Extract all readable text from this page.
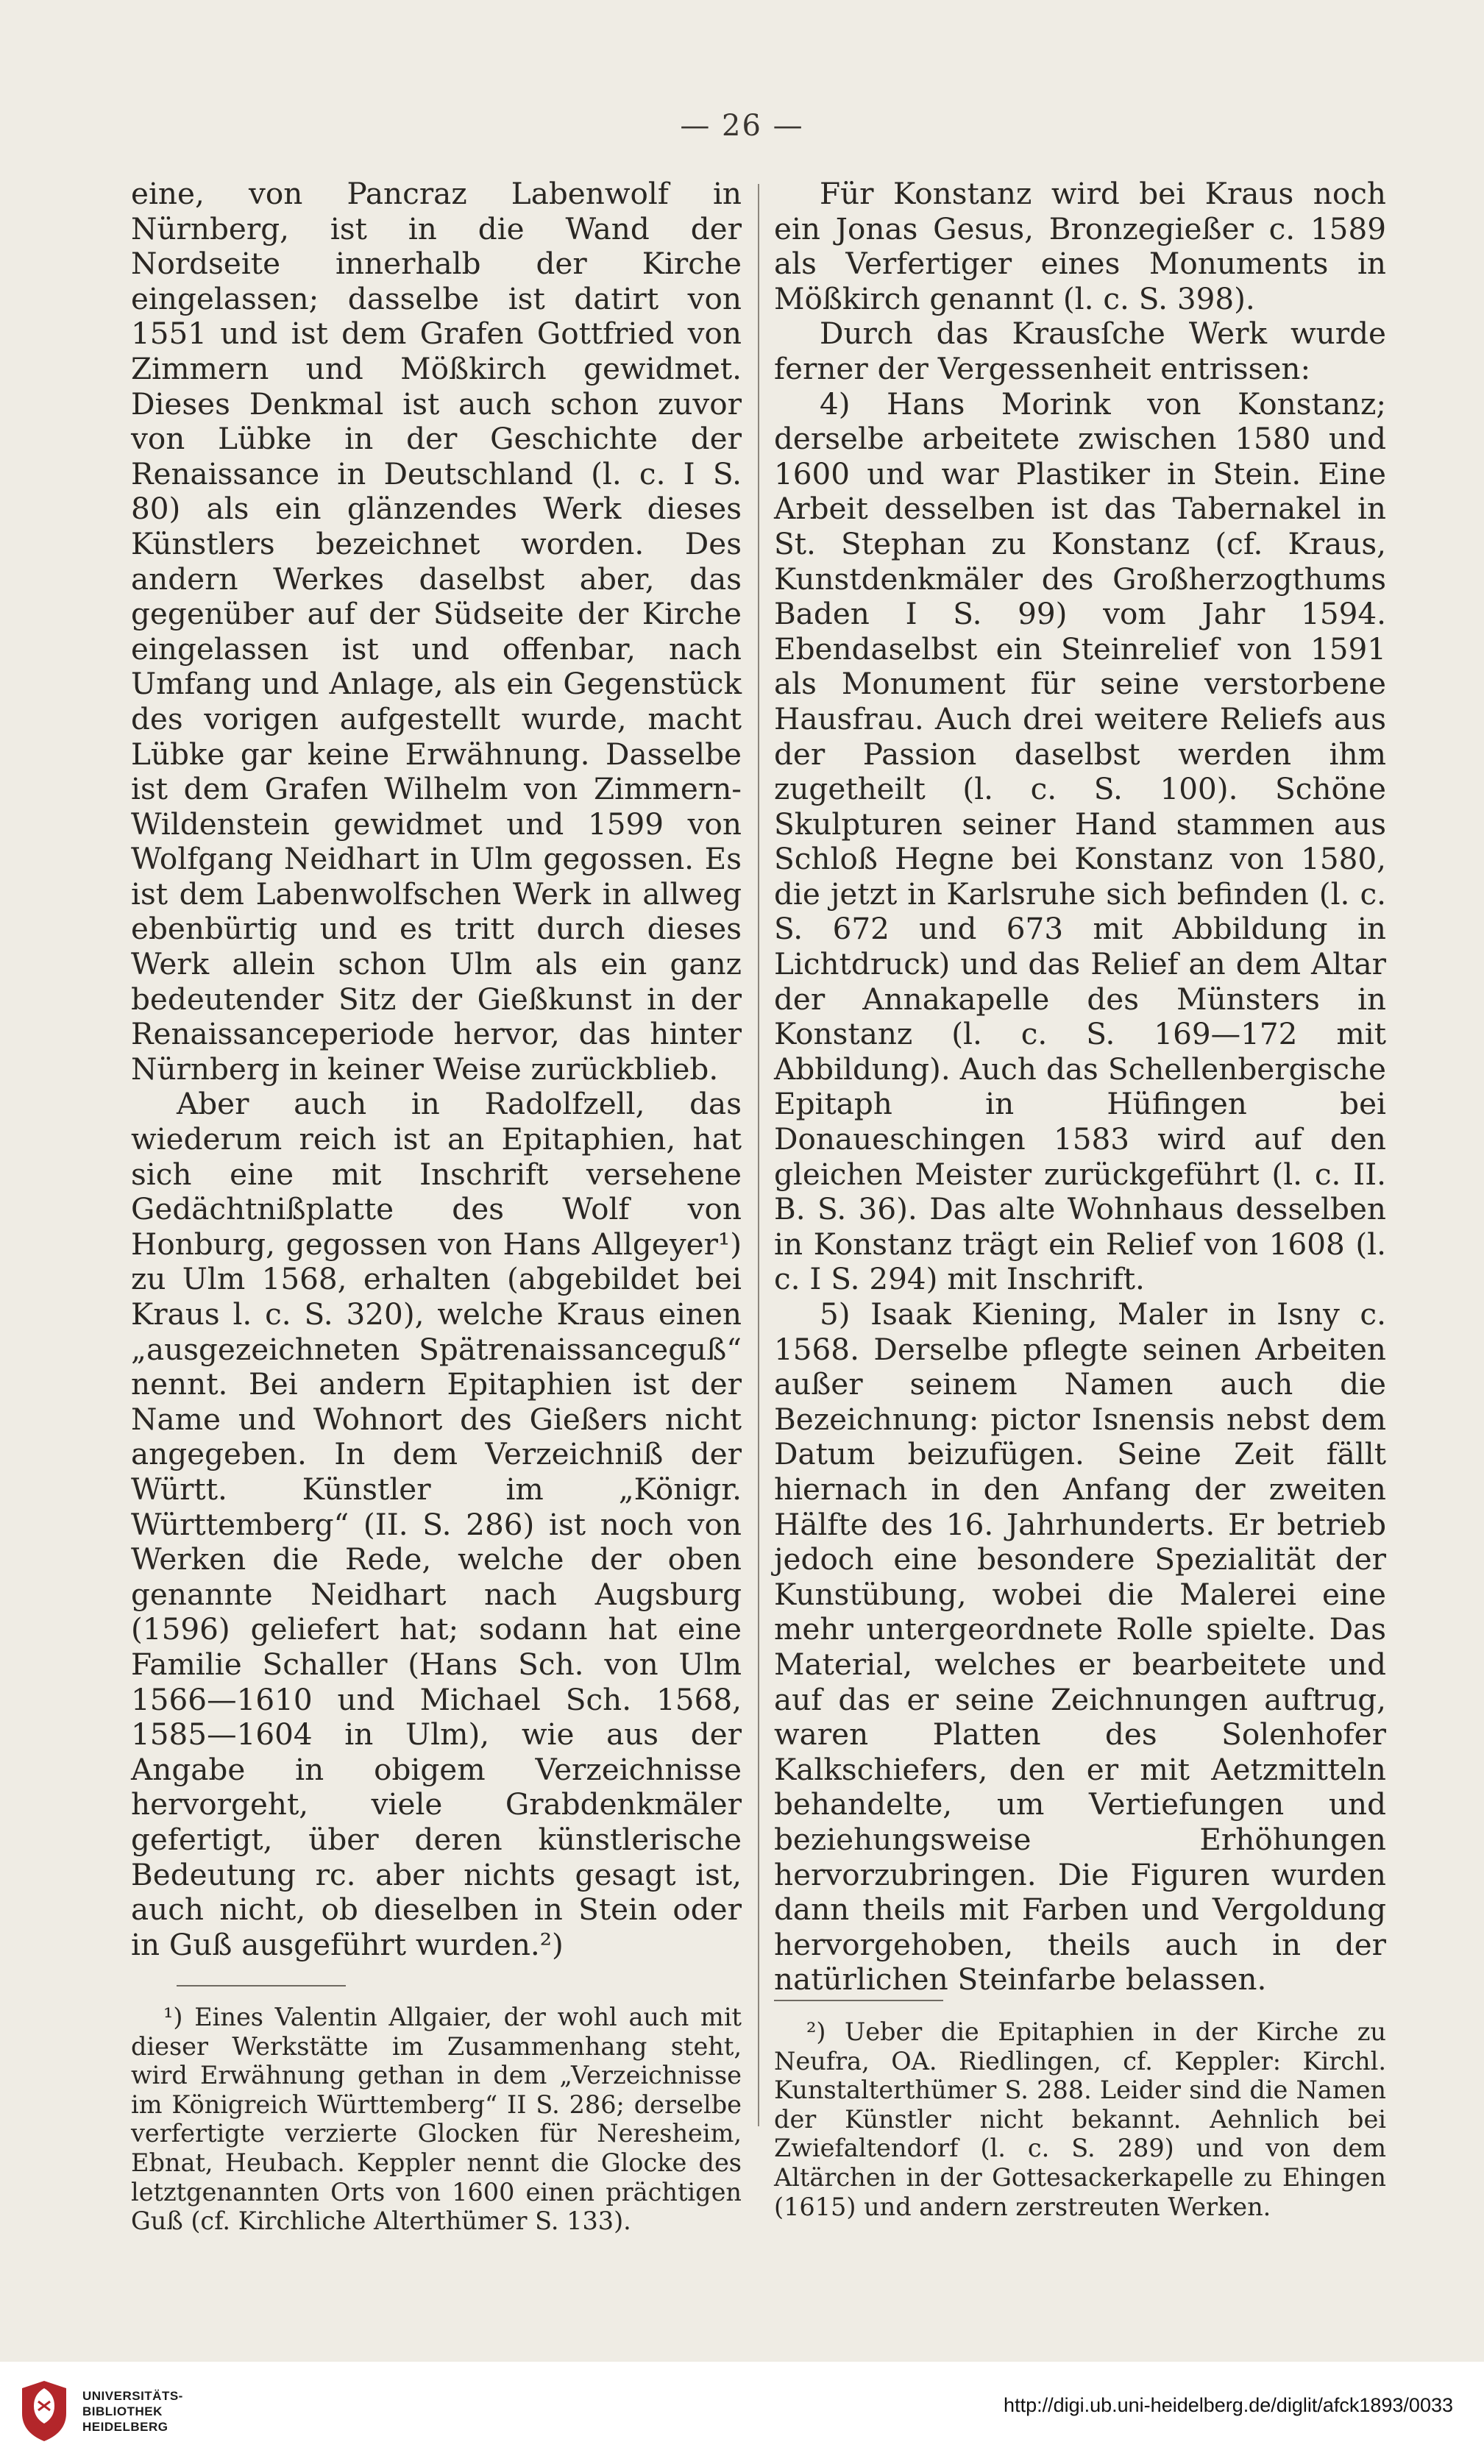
— 26 —

eine, von Pancraz Labenwolf in Nürnberg, ist in die Wand der Nordseite innerhalb der Kirche eingelassen; dasselbe ist datirt von 1551 und ist dem Grafen Gottfried von Zimmern und Mößkirch gewidmet. Dieses Denkmal ist auch schon zuvor von Lübke in der Geschichte der Renaissance in Deutschland (l. c. I S. 80) als ein glänzendes Werk dieses Künstlers bezeichnet worden. Des andern Werkes daselbst aber, das gegenüber auf der Südseite der Kirche eingelassen ist und offenbar, nach Umfang und Anlage, als ein Gegenstück des vorigen aufgestellt wurde, macht Lübke gar keine Erwähnung. Dasselbe ist dem Grafen Wilhelm von Zimmern-Wildenstein gewidmet und 1599 von Wolfgang Neidhart in Ulm gegossen. Es ist dem Labenwolfschen Werk in allweg ebenbürtig und es tritt durch dieses Werk allein schon Ulm als ein ganz bedeutender Sitz der Gießkunst in der Renaissanceperiode hervor, das hinter Nürnberg in keiner Weise zurückblieb.

Aber auch in Radolfzell, das wiederum reich ist an Epitaphien, hat sich eine mit Inschrift versehene Gedächtnißplatte des Wolf von Honburg, gegossen von Hans Allgeyer¹) zu Ulm 1568, erhalten (abgebildet bei Kraus l. c. S. 320), welche Kraus einen „ausgezeichneten Spätrenaissanceguß“ nennt. Bei andern Epitaphien ist der Name und Wohnort des Gießers nicht angegeben. In dem Verzeichniß der Württ. Künstler im „Königr. Württemberg“ (II. S. 286) ist noch von Werken die Rede, welche der oben genannte Neidhart nach Augsburg (1596) geliefert hat; sodann hat eine Familie Schaller (Hans Sch. von Ulm 1566—1610 und Michael Sch. 1568, 1585—1604 in Ulm), wie aus der Angabe in obigem Verzeichnisse hervorgeht, viele Grabdenkmäler gefertigt, über deren künstlerische Bedeutung rc. aber nichts gesagt ist, auch nicht, ob dieselben in Stein oder in Guß ausgeführt wurden.²)

Für Konstanz wird bei Kraus noch ein Jonas Gesus, Bronzegießer c. 1589 als Verfertiger eines Monuments in Mößkirch genannt (l. c. S. 398).

Durch das Krausſche Werk wurde ferner der Vergessenheit entrissen:

4) Hans Morink von Konstanz; derselbe arbeitete zwischen 1580 und 1600 und war Plastiker in Stein. Eine Arbeit desselben ist das Tabernakel in St. Stephan zu Konstanz (cf. Kraus, Kunstdenkmäler des Großherzogthums Baden I S. 99) vom Jahr 1594. Ebendaselbst ein Steinrelief von 1591 als Monument für seine verstorbene Hausfrau. Auch drei weitere Reliefs aus der Passion daselbst werden ihm zugetheilt (l. c. S. 100). Schöne Skulpturen seiner Hand stammen aus Schloß Hegne bei Konstanz von 1580, die jetzt in Karlsruhe sich befinden (l. c. S. 672 und 673 mit Abbildung in Lichtdruck) und das Relief an dem Altar der Annakapelle des Münsters in Konstanz (l. c. S. 169—172 mit Abbildung). Auch das Schellenbergische Epitaph in Hüfingen bei Donaueschingen 1583 wird auf den gleichen Meister zurückgeführt (l. c. II. B. S. 36). Das alte Wohnhaus desselben in Konstanz trägt ein Relief von 1608 (l. c. I S. 294) mit Inschrift.

5) Isaak Kiening, Maler in Isny c. 1568. Derselbe pflegte seinen Arbeiten außer seinem Namen auch die Bezeichnung: pictor Isnensis nebst dem Datum beizufügen. Seine Zeit fällt hiernach in den Anfang der zweiten Hälfte des 16. Jahrhunderts. Er betrieb jedoch eine besondere Spezialität der Kunstübung, wobei die Malerei eine mehr untergeordnete Rolle spielte. Das Material, welches er bearbeitete und auf das er seine Zeichnungen auftrug, waren Platten des Solenhofer Kalkschiefers, den er mit Aetzmitteln behandelte, um Vertiefungen und beziehungsweise Erhöhungen hervorzubringen. Die Figuren wurden dann theils mit Farben und Vergoldung hervorgehoben, theils auch in der natürlichen Steinfarbe belassen.

¹) Eines Valentin Allgaier, der wohl auch mit dieser Werkstätte im Zusammenhang steht, wird Erwähnung gethan in dem „Verzeichnisse im Königreich Württemberg“ II S. 286; derselbe verfertigte verzierte Glocken für Neresheim, Ebnat, Heubach. Keppler nennt die Glocke des letztgenannten Orts von 1600 einen prächtigen Guß (cf. Kirchliche Alterthümer S. 133).

²) Ueber die Epitaphien in der Kirche zu Neufra, OA. Riedlingen, cf. Keppler: Kirchl. Kunstalterthümer S. 288. Leider sind die Namen der Künstler nicht bekannt. Aehnlich bei Zwiefaltendorf (l. c. S. 289) und von dem Altärchen in der Gottesackerkapelle zu Ehingen (1615) und andern zerstreuten Werken.

UNIVERSITÄTS-
BIBLIOTHEK
HEIDELBERG
http://digi.ub.uni-heidelberg.de/diglit/afck1893/0033
